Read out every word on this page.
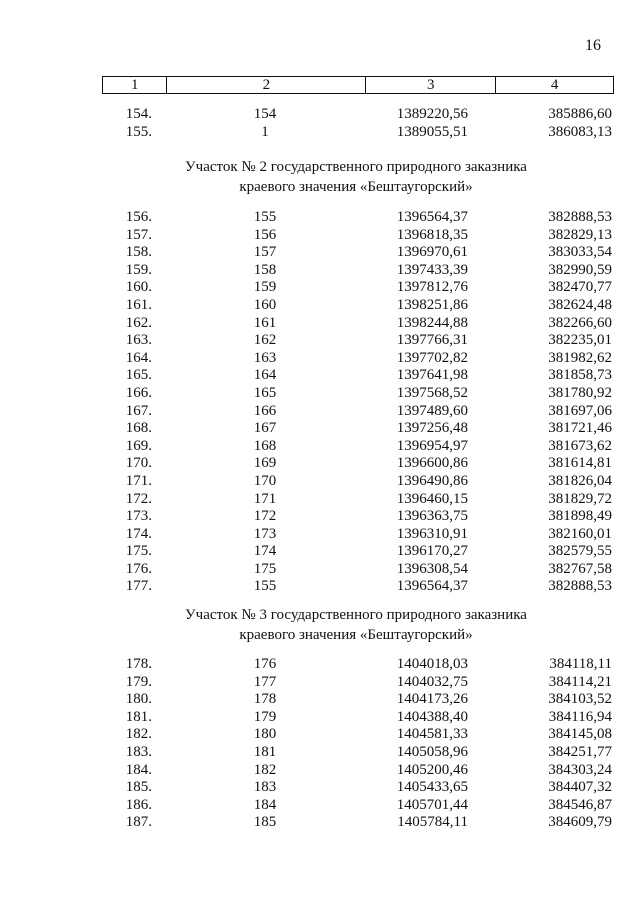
16
1	2	3	4
154.	154	1389220,56	385886,60
155.	1	1389055,51	386083,13
Участок № 2 государственного природного заказника
краевого значения «Бештаугорский»
156.	155	1396564,37	382888,53
157.	156	1396818,35	382829,13
158.	157	1396970,61	383033,54
159.	158	1397433,39	382990,59
160.	159	1397812,76	382470,77
161.	160	1398251,86	382624,48
162.	161	1398244,88	382266,60
163.	162	1397766,31	382235,01
164.	163	1397702,82	381982,62
165.	164	1397641,98	381858,73
166.	165	1397568,52	381780,92
167.	166	1397489,60	381697,06
168.	167	1397256,48	381721,46
169.	168	1396954,97	381673,62
170.	169	1396600,86	381614,81
171.	170	1396490,86	381826,04
172.	171	1396460,15	381829,72
173.	172	1396363,75	381898,49
174.	173	1396310,91	382160,01
175.	174	1396170,27	382579,55
176.	175	1396308,54	382767,58
177.	155	1396564,37	382888,53
Участок № 3 государственного природного заказника
краевого значения «Бештаугорский»
178.	176	1404018,03	384118,11
179.	177	1404032,75	384114,21
180.	178	1404173,26	384103,52
181.	179	1404388,40	384116,94
182.	180	1404581,33	384145,08
183.	181	1405058,96	384251,77
184.	182	1405200,46	384303,24
185.	183	1405433,65	384407,32
186.	184	1405701,44	384546,87
187.	185	1405784,11	384609,79
